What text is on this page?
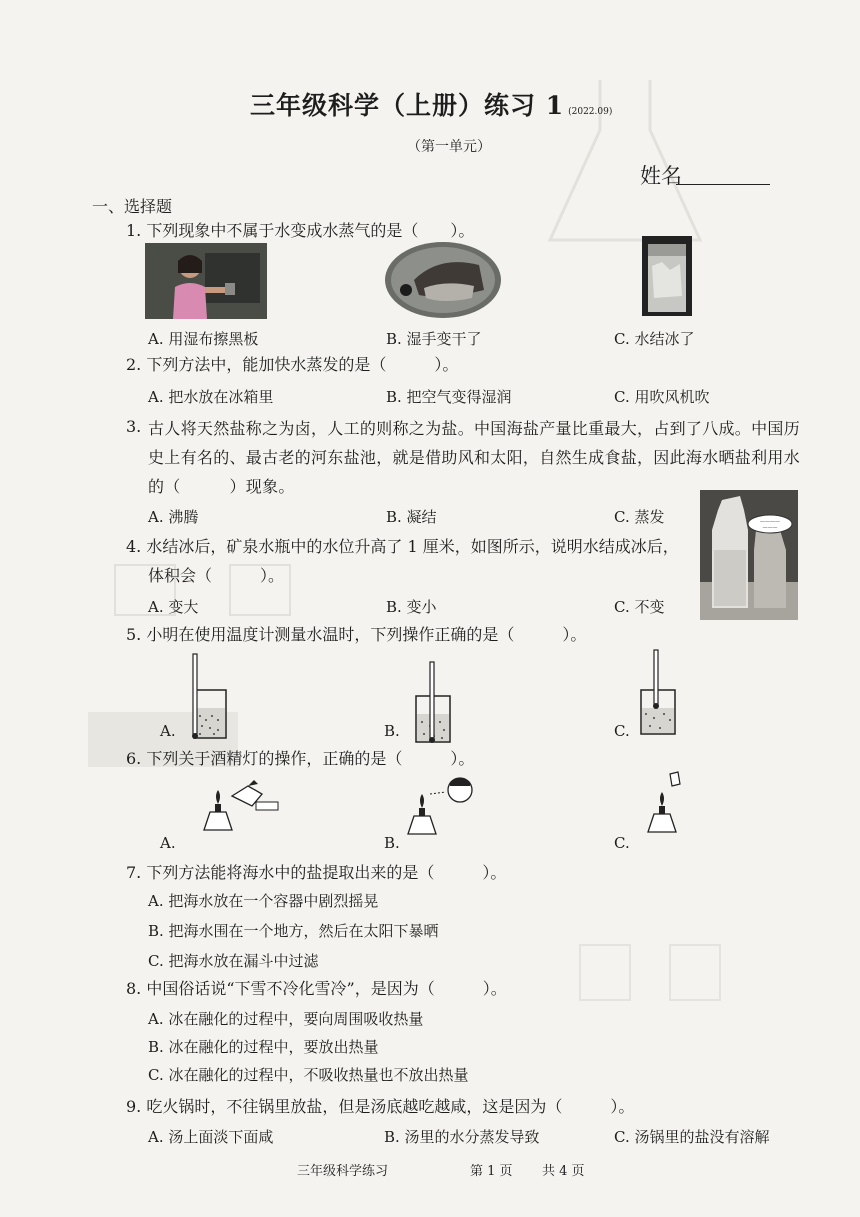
三年级科学（上册）练习 1 (2022.09)
（第一单元）
姓名
一、选择题
1. 下列现象中不属于水变成水蒸气的是（　　）。
A. 用湿布擦黑板	B. 湿手变干了	C. 水结冰了
2. 下列方法中，能加快水蒸发的是（　　　）。
A. 把水放在冰箱里	B. 把空气变得湿润	C. 用吹风机吹
3. 古人将天然盐称之为卤，人工的则称之为盐。中国海盐产量比重最大，占到了八成。中国历史上有名的、最古老的河东盐池，就是借助风和太阳，自然生成食盐，因此海水晒盐利用水的（　　　）现象。
A. 沸腾	B. 凝结	C. 蒸发	————
———
4. 水结冰后，矿泉水瓶中的水位升高了 1 厘米，如图所示，说明水结成冰后，
体积会（　　　）。
A. 变大	B. 变小	C. 不变
5. 小明在使用温度计测量水温时，下列操作正确的是（　　　）。
A.	B.	C.
6. 下列关于酒精灯的操作，正确的是（　　　）。
A.	B.	C.
7. 下列方法能将海水中的盐提取出来的是（　　　）。
A. 把海水放在一个容器中剧烈摇晃
B. 把海水围在一个地方，然后在太阳下暴晒
C. 把海水放在漏斗中过滤
8. 中国俗话说“下雪不冷化雪冷”，是因为（　　　）。
A. 冰在融化的过程中，要向周围吸收热量
B. 冰在融化的过程中，要放出热量
C. 冰在融化的过程中，不吸收热量也不放出热量
9. 吃火锅时，不往锅里放盐，但是汤底越吃越咸，这是因为（　　　）。
A. 汤上面淡下面咸	B. 汤里的水分蒸发导致	C. 汤锅里的盐没有溶解
三年级科学练习	第 1 页 共 4 页
